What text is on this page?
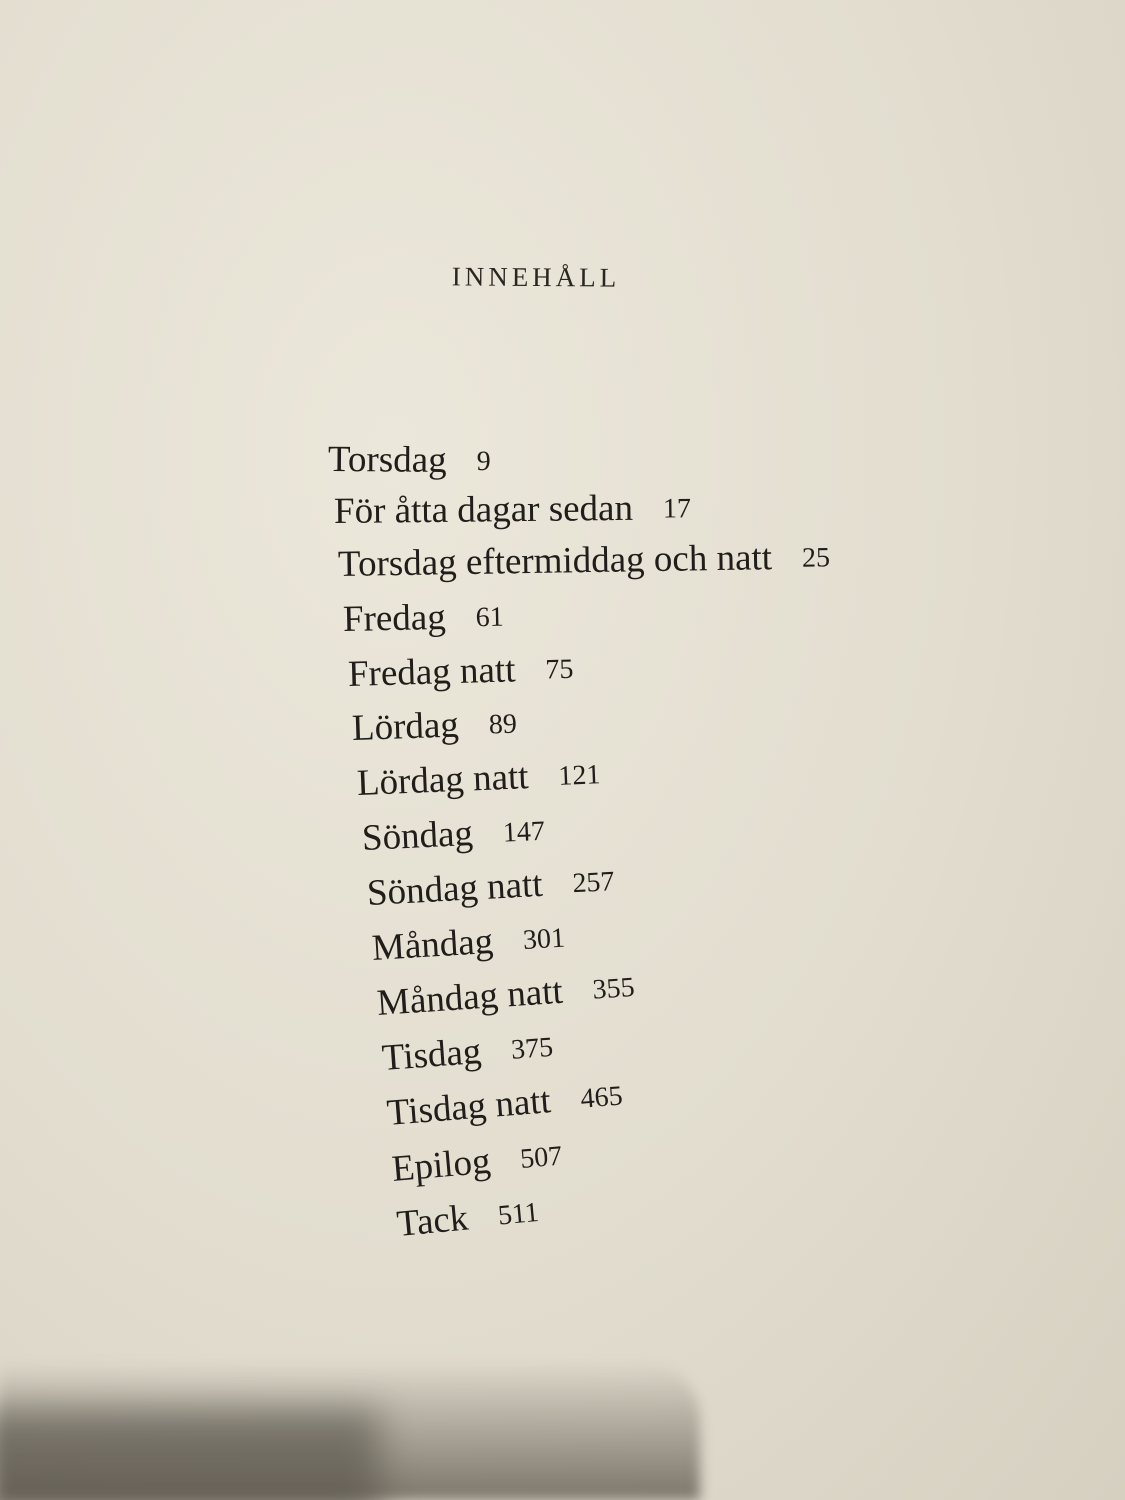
INNEHÅLL
Torsdag 9
För åtta dagar sedan 17
Torsdag eftermiddag och natt 25
Fredag 61
Fredag natt 75
Lördag 89
Lördag natt 121
Söndag 147
Söndag natt 257
Måndag 301
Måndag natt 355
Tisdag 375
Tisdag natt 465
Epilog 507
Tack 511
